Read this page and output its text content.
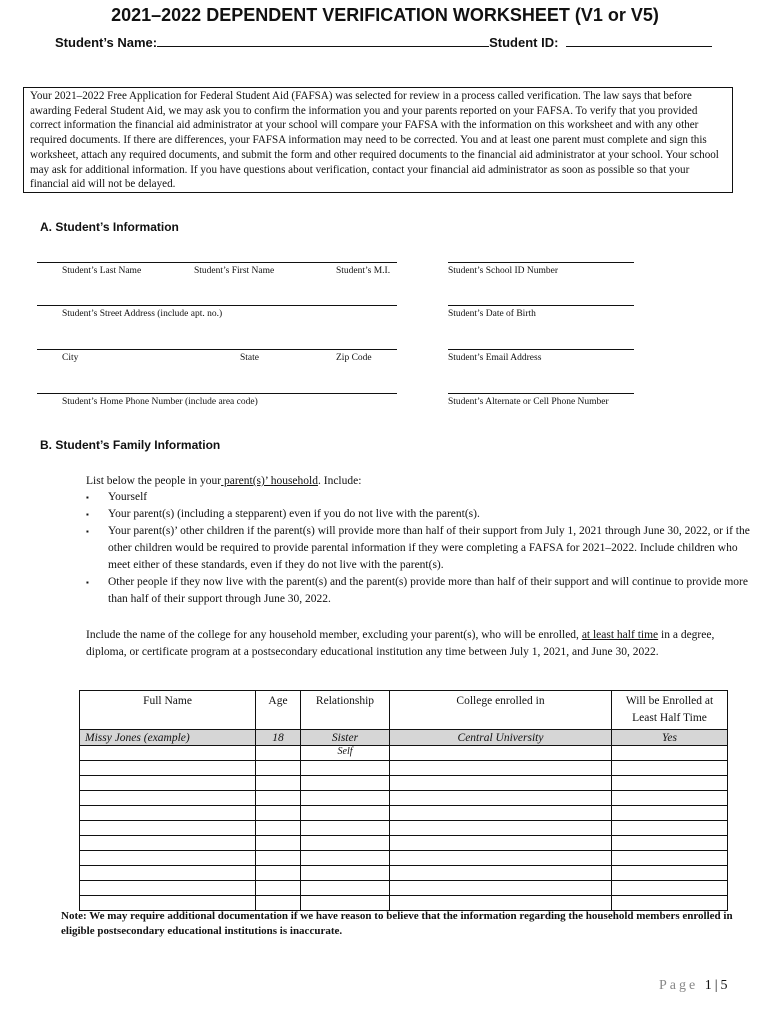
2021–2022 DEPENDENT VERIFICATION WORKSHEET (V1 or V5)
Student’s Name:	Student ID:
Your 2021–2022 Free Application for Federal Student Aid (FAFSA) was selected for review in a process called verification. The law says that before awarding Federal Student Aid, we may ask you to confirm the information you and your parents reported on your FAFSA. To verify that you provided correct information the financial aid administrator at your school will compare your FAFSA with the information on this worksheet and with any other required documents. If there are differences, your FAFSA information may need to be corrected. You and at least one parent must complete and sign this worksheet, attach any required documents, and submit the form and other required documents to the financial aid administrator at your school. Your school may ask for additional information. If you have questions about verification, contact your financial aid administrator as soon as possible so that your financial aid will not be delayed.
A. Student’s Information
Student’s Last Name	Student’s First Name	Student’s M.I.	Student’s School ID Number
Student’s Street Address (include apt. no.)	Student’s Date of Birth
City	State	Zip Code	Student’s Email Address
Student’s Home Phone Number (include area code)	Student’s Alternate or Cell Phone Number
B. Student’s Family Information
List below the people in your parent(s)’ household. Include:
▪ Yourself
▪ Your parent(s) (including a stepparent) even if you do not live with the parent(s).
▪ Your parent(s)’ other children if the parent(s) will provide more than half of their support from July 1, 2021 through June 30, 2022, or if the other children would be required to provide parental information if they were completing a FAFSA for 2021–2022. Include children who meet either of these standards, even if they do not live with the parent(s).
▪ Other people if they now live with the parent(s) and the parent(s) provide more than half of their support and will continue to provide more than half of their support through June 30, 2022.
Include the name of the college for any household member, excluding your parent(s), who will be enrolled, at least half time in a degree, diploma, or certificate program at a postsecondary educational institution any time between July 1, 2021, and June 30, 2022.
Full Name	Age	Relationship	College enrolled in	Will be Enrolled at Least Half Time
Missy Jones (example)	18	Sister	Central University	Yes
		Self		

Note: We may require additional documentation if we have reason to believe that the information regarding the household members enrolled in eligible postsecondary educational institutions is inaccurate.
Page 1|5
